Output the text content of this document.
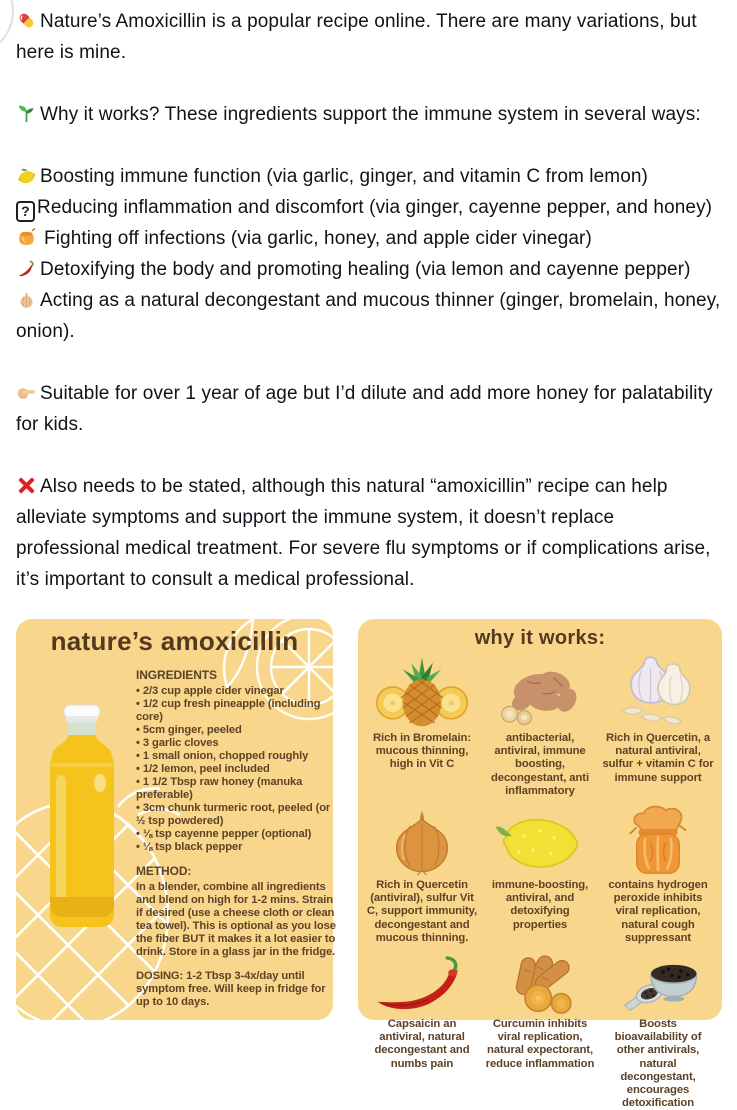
Nature’s Amoxicillin is a popular recipe online. There are many variations, but here is mine.

Why it works? These ingredients support the immune system in several ways:

Boosting immune function (via garlic, ginger, and vitamin C from lemon)
? Reducing inflammation and discomfort (via ginger, cayenne pepper, and honey)
Fighting off infections (via garlic, honey, and apple cider vinegar)
Detoxifying the body and promoting healing (via lemon and cayenne pepper)
Acting as a natural decongestant and mucous thinner (ginger, bromelain, honey, onion).

Suitable for over 1 year of age but I’d dilute and add more honey for palatability for kids.

Also needs to be stated, although this natural “amoxicillin” recipe can help alleviate symptoms and support the immune system, it doesn’t replace professional medical treatment. For severe flu symptoms or if complications arise, it’s important to consult a medical professional.

nature’s amoxicillin
INGREDIENTS
• 2/3 cup apple cider vinegar
• 1/2 cup fresh pineapple (including core)
• 5cm ginger, peeled
• 3 garlic cloves
• 1 small onion, chopped roughly
• 1/2 lemon, peel included
• 1 1/2 Tbsp raw honey (manuka preferable)
• 3cm chunk turmeric root, peeled (or ½ tsp powdered)
• ⅛ tsp cayenne pepper (optional)
• ⅛ tsp black pepper
METHOD:
In a blender, combine all ingredients and blend on high for 1-2 mins. Strain if desired (use a cheese cloth or clean tea towel). This is optional as you lose the fiber BUT it makes it a lot easier to drink. Store in a glass jar in the fridge.
DOSING: 1-2 Tbsp 3-4x/day until symptom free. Will keep in fridge for up to 10 days.
why it works:
Rich in Bromelain: mucous thinning, high in Vit C
antibacterial, antiviral, immune boosting, decongestant, anti inflammatory
Rich in Quercetin, a natural antiviral, sulfur + vitamin C for immune support
Rich in Quercetin (antiviral), sulfur Vit C, support immunity, decongestant and mucous thinning.
immune-boosting, antiviral, and detoxifying properties
contains hydrogen peroxide inhibits viral replication, natural cough suppressant
Capsaicin an antiviral, natural decongestant and numbs pain
Curcumin inhibits viral replication, natural expectorant, reduce inflammation
Boosts bioavailability of other antivirals, natural decongestant, encourages detoxification
